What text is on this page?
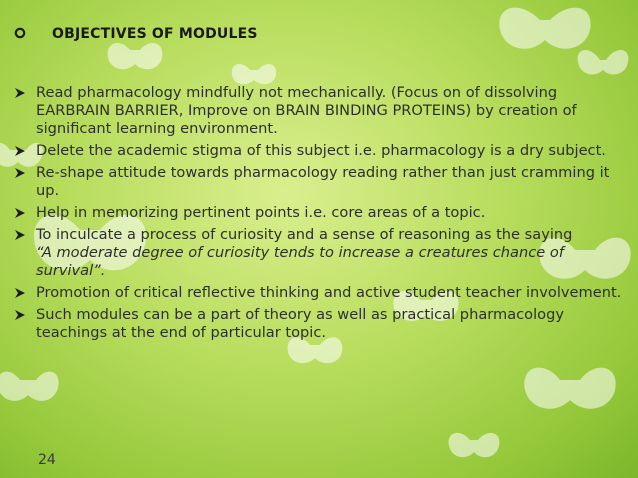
OBJECTIVES OF MODULES
Read pharmacology mindfully not mechanically. (Focus on of dissolving EARBRAIN BARRIER, Improve on BRAIN BINDING PROTEINS) by creation of significant learning environment.
Delete the academic stigma of this subject i.e. pharmacology is a dry subject.
Re-shape attitude towards pharmacology reading rather than just cramming it up.
Help in memorizing pertinent points i.e. core areas of a topic.
To inculcate a process of curiosity and a sense of reasoning as the saying
“A moderate degree of curiosity tends to increase a creatures chance of survival”.
Promotion of critical reflective thinking and active student teacher involvement.
Such modules can be a part of theory as well as practical pharmacology teachings at the end of particular topic.
24
